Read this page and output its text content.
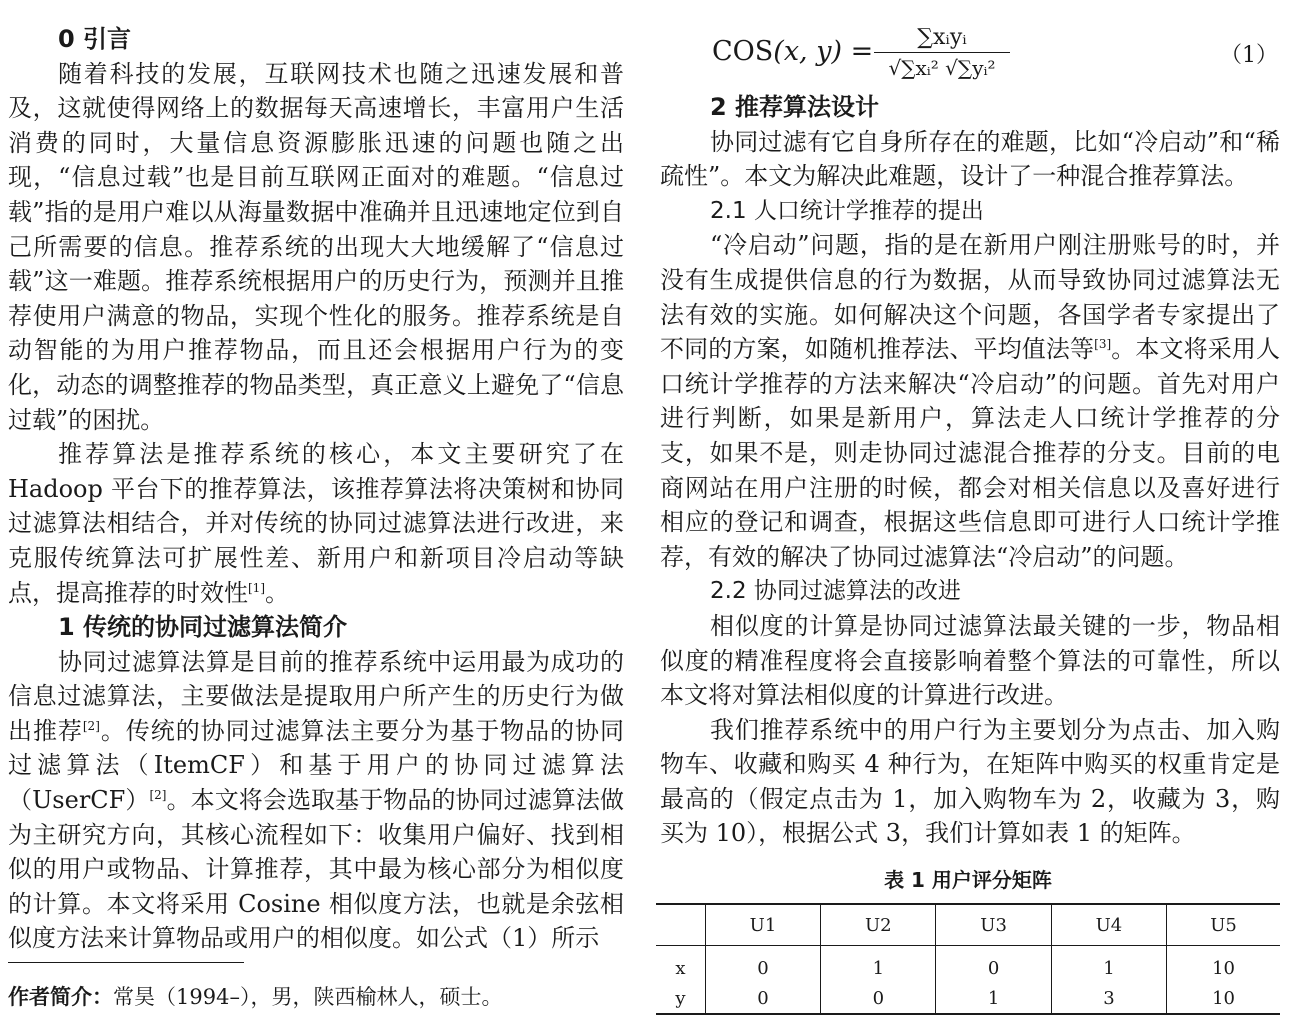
0 引言

随着科技的发展，互联网技术也随之迅速发展和普及，这就使得网络上的数据每天高速增长，丰富用户生活消费的同时，大量信息资源膨胀迅速的问题也随之出现，“信息过载”也是目前互联网正面对的难题。“信息过载”指的是用户难以从海量数据中准确并且迅速地定位到自己所需要的信息。推荐系统的出现大大地缓解了“信息过载”这一难题。推荐系统根据用户的历史行为，预测并且推荐使用户满意的物品，实现个性化的服务。推荐系统是自动智能的为用户推荐物品，而且还会根据用户行为的变化，动态的调整推荐的物品类型，真正意义上避免了“信息过载”的困扰。

推荐算法是推荐系统的核心，本文主要研究了在 Hadoop 平台下的推荐算法，该推荐算法将决策树和协同过滤算法相结合，并对传统的协同过滤算法进行改进，来克服传统算法可扩展性差、新用户和新项目冷启动等缺点，提高推荐的时效性[1]。

1 传统的协同过滤算法简介

协同过滤算法算是目前的推荐系统中运用最为成功的信息过滤算法，主要做法是提取用户所产生的历史行为做出推荐[2]。传统的协同过滤算法主要分为基于物品的协同过滤算法（ItemCF）和基于用户的协同过滤算法（UserCF）[2]。本文将会选取基于物品的协同过滤算法做为主研究方向，其核心流程如下：收集用户偏好、找到相似的用户或物品、计算推荐，其中最为核心部分为相似度的计算。本文将采用 Cosine 相似度方法，也就是余弦相似度方法来计算物品或用户的相似度。如公式（1）所示

作者简介：常昊（1994–），男，陕西榆林人，硕士。

COS(x, y) =	∑xᵢyᵢ
√∑xᵢ² √∑yᵢ²	（1）

2 推荐算法设计

协同过滤有它自身所存在的难题，比如“冷启动”和“稀疏性”。本文为解决此难题，设计了一种混合推荐算法。

2.1 人口统计学推荐的提出

“冷启动”问题，指的是在新用户刚注册账号的时，并没有生成提供信息的行为数据，从而导致协同过滤算法无法有效的实施。如何解决这个问题，各国学者专家提出了不同的方案，如随机推荐法、平均值法等[3]。本文将采用人口统计学推荐的方法来解决“冷启动”的问题。首先对用户进行判断，如果是新用户，算法走人口统计学推荐的分支，如果不是，则走协同过滤混合推荐的分支。目前的电商网站在用户注册的时候，都会对相关信息以及喜好进行相应的登记和调查，根据这些信息即可进行人口统计学推荐，有效的解决了协同过滤算法“冷启动”的问题。

2.2 协同过滤算法的改进

相似度的计算是协同过滤算法最关键的一步，物品相似度的精准程度将会直接影响着整个算法的可靠性，所以本文将对算法相似度的计算进行改进。

我们推荐系统中的用户行为主要划分为点击、加入购物车、收藏和购买 4 种行为，在矩阵中购买的权重肯定是最高的（假定点击为 1，加入购物车为 2，收藏为 3，购买为 10），根据公式 3，我们计算如表 1 的矩阵。

表 1 用户评分矩阵

	U1	U2	U3	U4	U5
x	0	1	0	1	10
y	0	0	1	3	10
